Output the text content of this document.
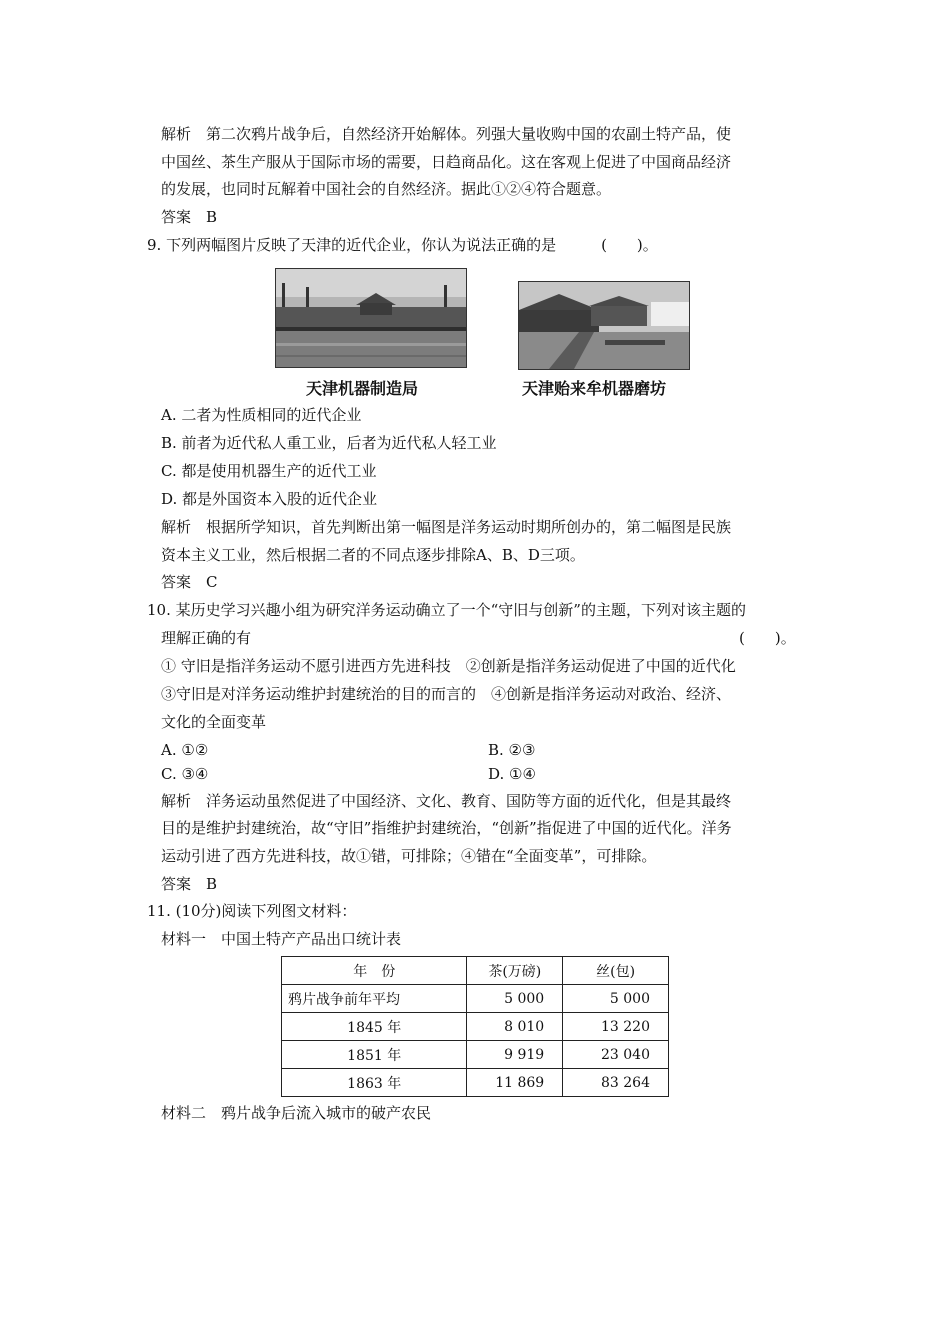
解析　第二次鸦片战争后，自然经济开始解体。列强大量收购中国的农副土特产品，使
中国丝、茶生产服从于国际市场的需要，日趋商品化。这在客观上促进了中国商品经济
的发展，也同时瓦解着中国社会的自然经济。据此①②④符合题意。
答案　B
9. 下列两幅图片反映了天津的近代企业，你认为说法正确的是　　　(　　)。
天津机器制造局	天津贻来牟机器磨坊
A. 二者为性质相同的近代企业
B. 前者为近代私人重工业，后者为近代私人轻工业
C. 都是使用机器生产的近代工业
D. 都是外国资本入股的近代企业
解析　根据所学知识，首先判断出第一幅图是洋务运动时期所创办的，第二幅图是民族
资本主义工业，然后根据二者的不同点逐步排除A、B、D三项。
答案　C
10. 某历史学习兴趣小组为研究洋务运动确立了一个“守旧与创新”的主题，下列对该主题的
理解正确的有	(　　)。
① 守旧是指洋务运动不愿引进西方先进科技　②创新是指洋务运动促进了中国的近代化
③守旧是对洋务运动维护封建统治的目的而言的　④创新是指洋务运动对政治、经济、
文化的全面变革
A. ①②	B. ②③
C. ③④	D. ①④
解析　洋务运动虽然促进了中国经济、文化、教育、国防等方面的近代化，但是其最终
目的是维护封建统治，故“守旧”指维护封建统治，“创新”指促进了中国的近代化。洋务
运动引进了西方先进科技，故①错，可排除；④错在“全面变革”，可排除。
答案　B
11. (10分)阅读下列图文材料：
材料一　中国土特产产品出口统计表
年　份	茶(万磅)	丝(包)
鸦片战争前年平均	5 000	5 000
1845 年	8 010	13 220
1851 年	9 919	23 040
1863 年	11 869	83 264
材料二　鸦片战争后流入城市的破产农民
